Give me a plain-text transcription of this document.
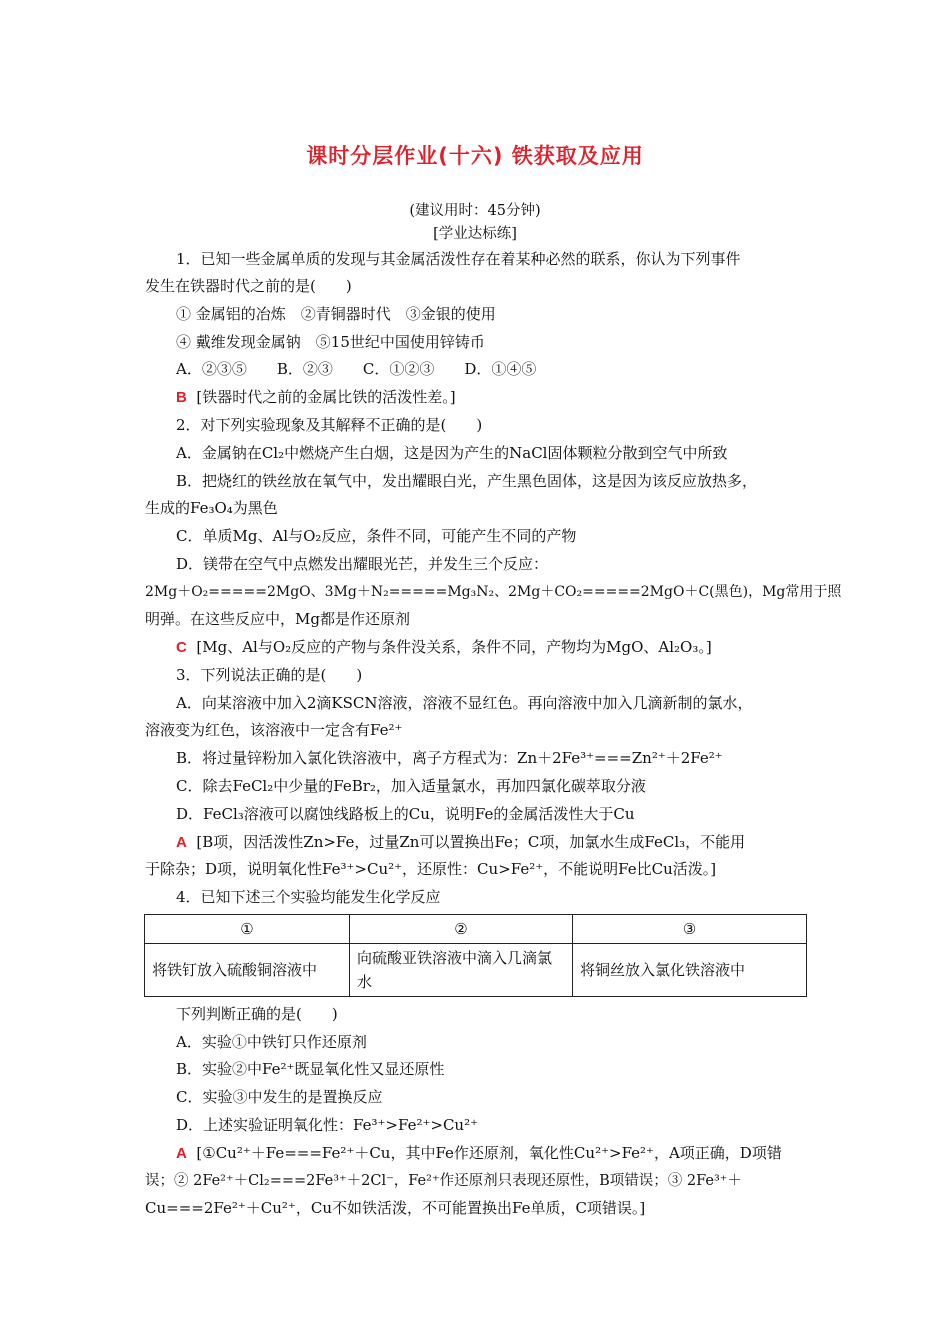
课时分层作业(十六) 铁获取及应用
(建议用时：45分钟)
[学业达标练]
1．已知一些金属单质的发现与其金属活泼性存在着某种必然的联系，你认为下列事件
发生在铁器时代之前的是(　　)
① 金属铝的冶炼　②青铜器时代　③金银的使用
④ 戴维发现金属钠　⑤15世纪中国使用锌铸币
A．②③⑤　　B．②③　　C．①②③　　D．①④⑤
B [铁器时代之前的金属比铁的活泼性差。]
2．对下列实验现象及其解释不正确的是(　　)
A．金属钠在Cl₂中燃烧产生白烟，这是因为产生的NaCl固体颗粒分散到空气中所致
B．把烧红的铁丝放在氧气中，发出耀眼白光，产生黑色固体，这是因为该反应放热多，
生成的Fe₃O₄为黑色
C．单质Mg、Al与O₂反应，条件不同，可能产生不同的产物
D．镁带在空气中点燃发出耀眼光芒，并发生三个反应：
2Mg＋O₂=====2MgO、3Mg＋N₂=====Mg₃N₂、2Mg＋CO₂=====2MgO＋C(黑色)，Mg常用于照
明弹。在这些反应中，Mg都是作还原剂
C [Mg、Al与O₂反应的产物与条件没关系，条件不同，产物均为MgO、Al₂O₃。]
3．下列说法正确的是(　　)
A．向某溶液中加入2滴KSCN溶液，溶液不显红色。再向溶液中加入几滴新制的氯水，
溶液变为红色，该溶液中一定含有Fe²⁺
B．将过量锌粉加入氯化铁溶液中，离子方程式为：Zn＋2Fe³⁺===Zn²⁺＋2Fe²⁺
C．除去FeCl₂中少量的FeBr₂，加入适量氯水，再加四氯化碳萃取分液
D．FeCl₃溶液可以腐蚀线路板上的Cu，说明Fe的金属活泼性大于Cu
A [B项，因活泼性Zn>Fe，过量Zn可以置换出Fe；C项，加氯水生成FeCl₃，不能用
于除杂；D项，说明氧化性Fe³⁺>Cu²⁺，还原性：Cu>Fe²⁺，不能说明Fe比Cu活泼。]
4．已知下述三个实验均能发生化学反应
①	②	③
将铁钉放入硫酸铜溶液中	向硫酸亚铁溶液中滴入几滴氯水	将铜丝放入氯化铁溶液中
下列判断正确的是(　　)
A．实验①中铁钉只作还原剂
B．实验②中Fe²⁺既显氧化性又显还原性
C．实验③中发生的是置换反应
D．上述实验证明氧化性：Fe³⁺>Fe²⁺>Cu²⁺
A [①Cu²⁺＋Fe===Fe²⁺＋Cu，其中Fe作还原剂，氧化性Cu²⁺>Fe²⁺，A项正确，D项错
误；② 2Fe²⁺＋Cl₂===2Fe³⁺＋2Cl⁻，Fe²⁺作还原剂只表现还原性，B项错误；③ 2Fe³⁺＋
Cu===2Fe²⁺＋Cu²⁺，Cu不如铁活泼，不可能置换出Fe单质，C项错误。]
